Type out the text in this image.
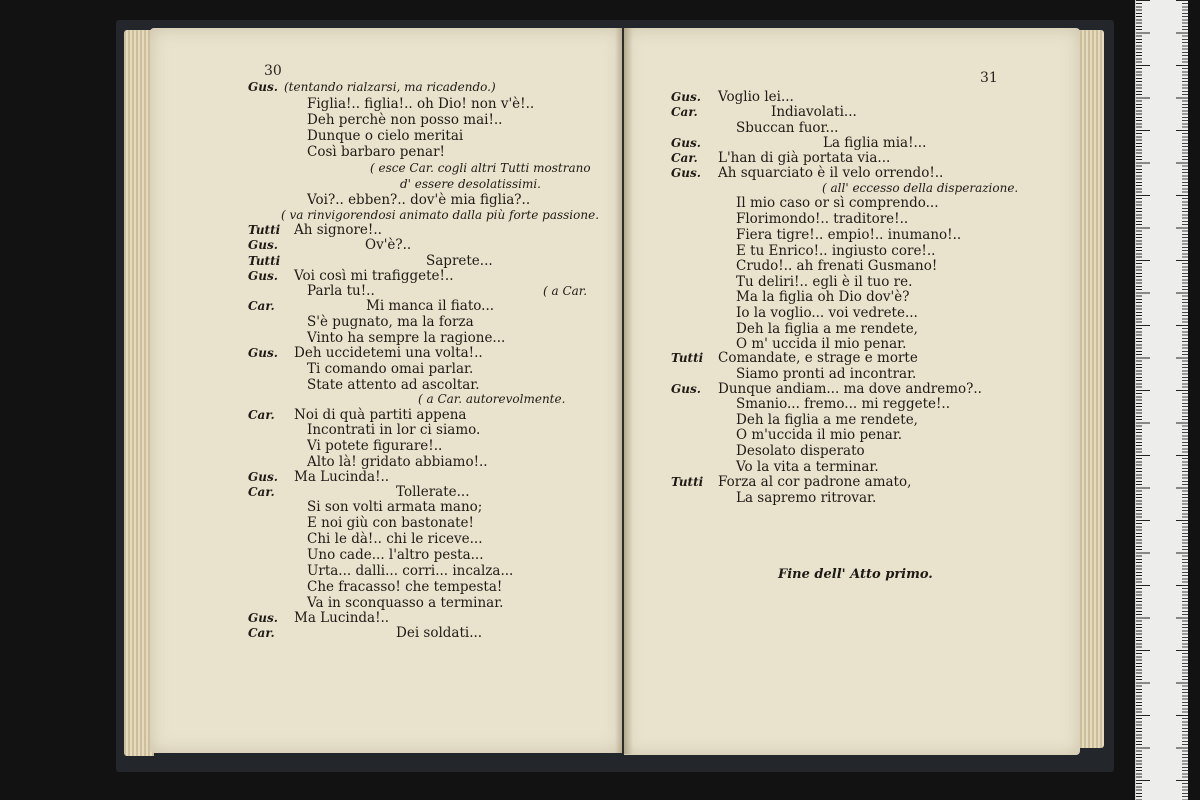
30	31
Gus. (tentando rialzarsi, ma ricadendo.)
Figlia!.. figlia!.. oh Dio! non v'è!..
Deh perchè non posso mai!..
Dunque o cielo meritai
Così barbaro penar!
( esce Car. cogli altri Tutti mostrano
d' essere desolatissimi.
Voi?.. ebben?.. dov'è mia figlia?..
( va rinvigorendosi animato dalla più forte passione.
Tutti Ah signore!..
Gus.	Ov'è?..
Tutti	Saprete...
Gus. Voi così mi trafiggete!..
Parla tu!..	( a Car.
Car.	Mi manca il fiato...
S'è pugnato, ma la forza
Vinto ha sempre la ragione...
Gus. Deh uccidetemi una volta!..
Ti comando omai parlar.
State attento ad ascoltar.
( a Car. autorevolmente.
Car. Noi di quà partiti appena
Incontrati in lor ci siamo.
Vi potete figurare!..
Alto là! gridato abbiamo!..
Gus. Ma Lucinda!..
Car.	Tollerate...
Si son volti armata mano;
E noi giù con bastonate!
Chi le dà!.. chi le riceve...
Uno cade... l'altro pesta...
Urta... dalli... corri... incalza...
Che fracasso! che tempesta!
Va in sconquasso a terminar.
Gus. Ma Lucinda!..
Car.	Dei soldati...
Gus. Voglio lei...
Car.	Indiavolati...
Sbuccan fuor...
Gus.	La figlia mia!...
Car. L'han di già portata via...
Gus. Ah squarciato è il velo orrendo!..
( all' eccesso della disperazione.
Il mio caso or sì comprendo...
Florimondo!.. traditore!..
Fiera tigre!.. empio!.. inumano!..
E tu Enrico!.. ingiusto core!..
Crudo!.. ah frenati Gusmano!
Tu deliri!.. egli è il tuo re.
Ma la figlia oh Dio dov'è?
Io la voglio... voi vedrete...
Deh la figlia a me rendete,
O m' uccida il mio penar.
Tutti Comandate, e strage e morte
Siamo pronti ad incontrar.
Gus. Dunque andiam... ma dove andremo?..
Smanio... fremo... mi reggete!..
Deh la figlia a me rendete,
O m'uccida il mio penar.
Desolato disperato
Vo la vita a terminar.
Tutti Forza al cor padrone amato,
La sapremo ritrovar.
Fine dell' Atto primo.
